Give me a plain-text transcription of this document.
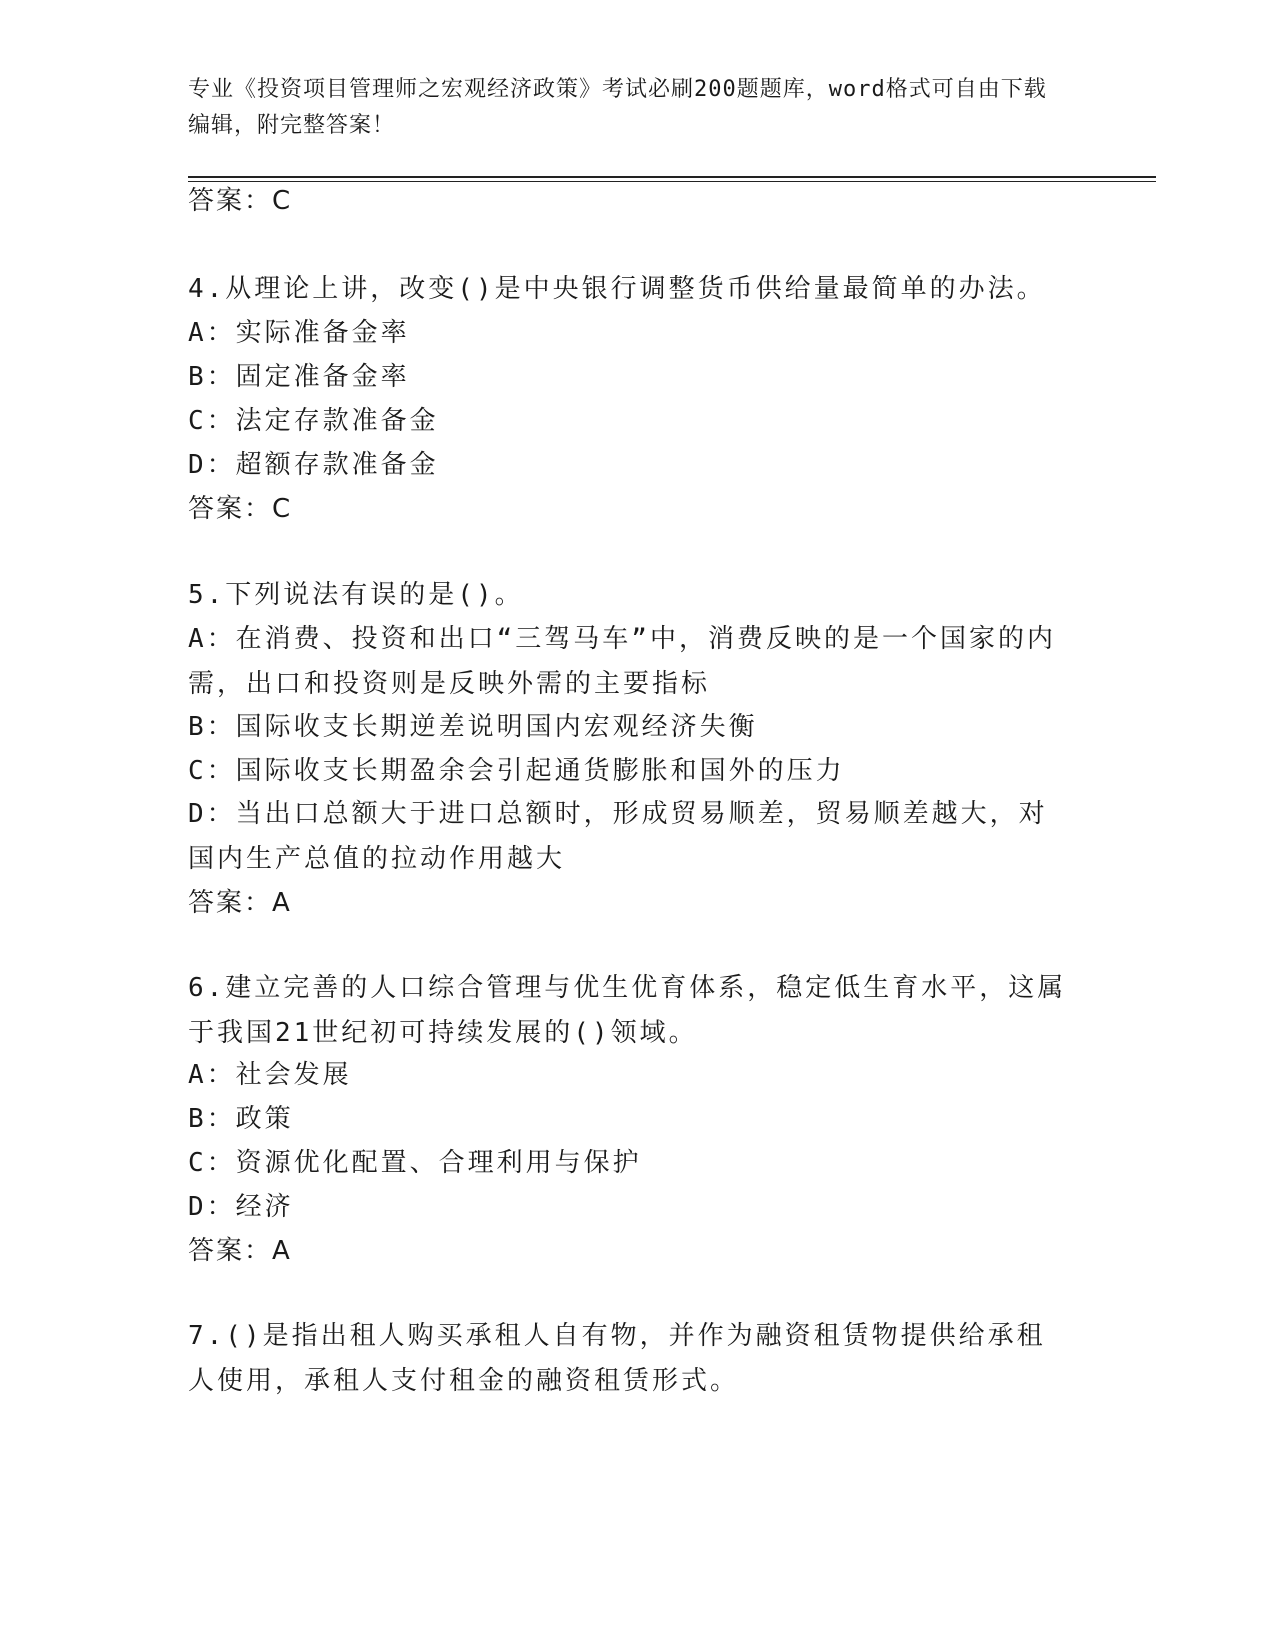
专业《投资项目管理师之宏观经济政策》考试必刷200题题库，word格式可自由下载编辑，附完整答案！
答案：C
4.从理论上讲，改变()是中央银行调整货币供给量最简单的办法。
A：实际准备金率
B：固定准备金率
C：法定存款准备金
D：超额存款准备金
答案：C
5.下列说法有误的是()。
A：在消费、投资和出口“三驾马车”中，消费反映的是一个国家的内需，出口和投资则是反映外需的主要指标
B：国际收支长期逆差说明国内宏观经济失衡
C：国际收支长期盈余会引起通货膨胀和国外的压力
D：当出口总额大于进口总额时，形成贸易顺差，贸易顺差越大，对国内生产总值的拉动作用越大
答案：A
6.建立完善的人口综合管理与优生优育体系，稳定低生育水平，这属于我国21世纪初可持续发展的()领域。
A：社会发展
B：政策
C：资源优化配置、合理利用与保护
D：经济
答案：A
7.()是指出租人购买承租人自有物，并作为融资租赁物提供给承租人使用，承租人支付租金的融资租赁形式。
